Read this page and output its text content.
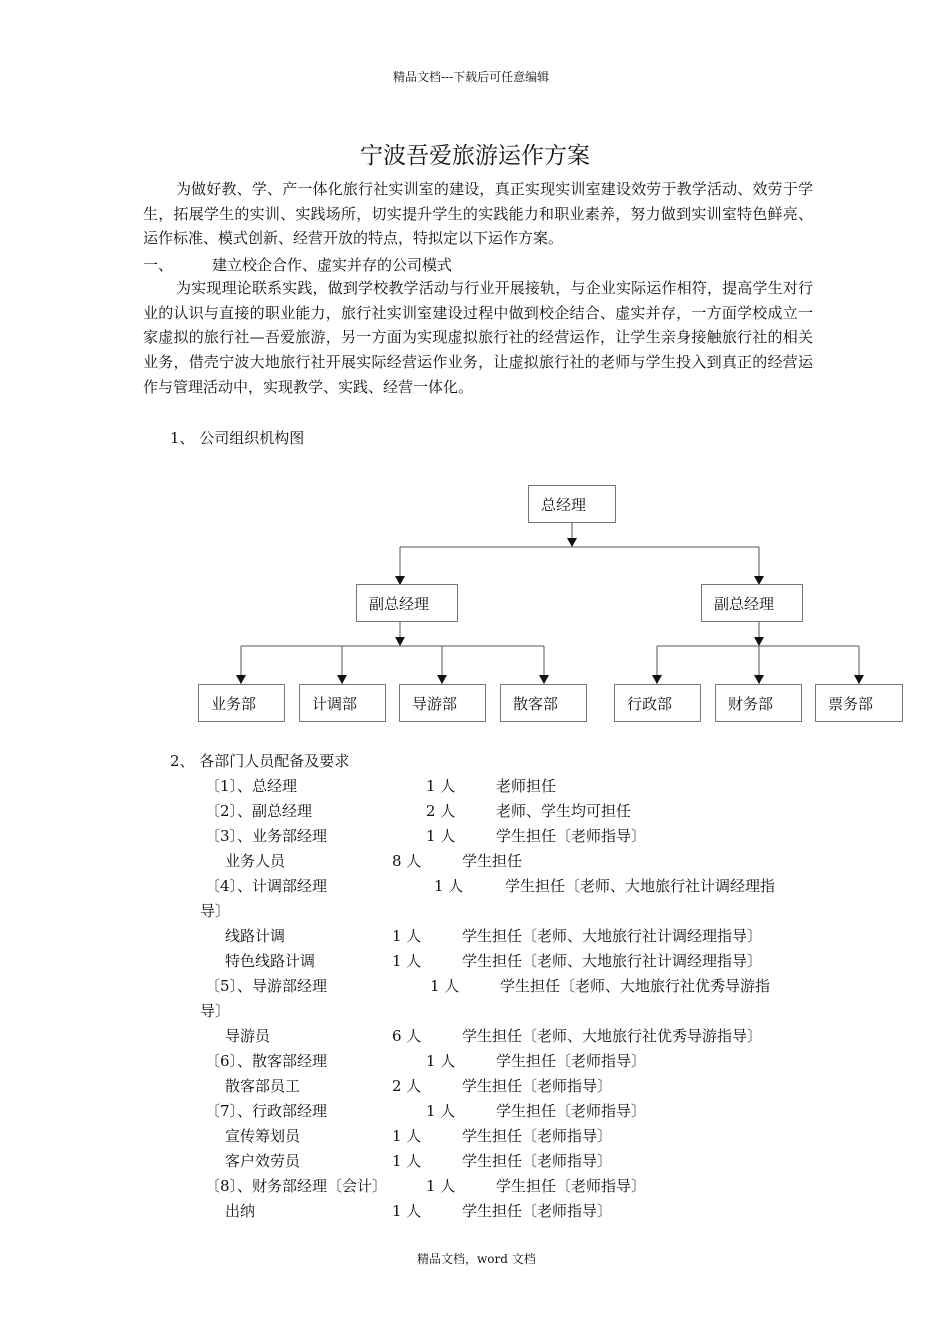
精品文档---下载后可任意编辑
宁波吾爱旅游运作方案
为做好教、学、产一体化旅行社实训室的建设，真正实现实训室建设效劳于教学活动、效劳于学生，拓展学生的实训、实践场所，切实提升学生的实践能力和职业素养，努力做到实训室特色鲜亮、运作标准、模式创新、经营开放的特点，特拟定以下运作方案。
一、	建立校企合作、虚实并存的公司模式
为实现理论联系实践，做到学校教学活动与行业开展接轨，与企业实际运作相符，提高学生对行业的认识与直接的职业能力，旅行社实训室建设过程中做到校企结合、虚实并存，一方面学校成立一家虚拟的旅行社—吾爱旅游，另一方面为实现虚拟旅行社的经营运作，让学生亲身接触旅行社的相关业务，借壳宁波大地旅行社开展实际经营运作业务，让虚拟旅行社的老师与学生投入到真正的经营运作与管理活动中，实现教学、实践、经营一体化。
1、 公司组织机构图
总经理
副总经理	副总经理
业务部	计调部	导游部	散客部	行政部	财务部	票务部
2、 各部门人员配备及要求
〔1〕、总经理	1 人	老师担任
〔2〕、副总经理	2 人	老师、学生均可担任
〔3〕、业务部经理	1 人	学生担任〔老师指导〕
业务人员	8 人	学生担任
〔4〕、计调部经理	1 人	学生担任〔老师、大地旅行社计调经理指
导〕
线路计调	1 人	学生担任〔老师、大地旅行社计调经理指导〕
特色线路计调	1 人	学生担任〔老师、大地旅行社计调经理指导〕
〔5〕、导游部经理	1 人	学生担任〔老师、大地旅行社优秀导游指
导〕
导游员	6 人	学生担任〔老师、大地旅行社优秀导游指导〕
〔6〕、散客部经理	1 人	学生担任〔老师指导〕
散客部员工	2 人	学生担任〔老师指导〕
〔7〕、行政部经理	1 人	学生担任〔老师指导〕
宣传筹划员	1 人	学生担任〔老师指导〕
客户效劳员	1 人	学生担任〔老师指导〕
〔8〕、财务部经理〔会计〕	1 人	学生担任〔老师指导〕
出纳	1 人	学生担任〔老师指导〕
精品文档，word 文档
